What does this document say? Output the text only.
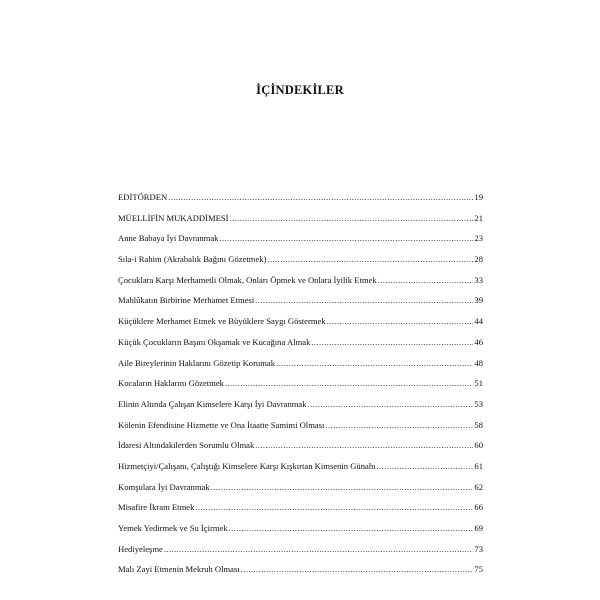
İÇİNDEKİLER
EDİTÖRDEN .....	19
MÜELLİFİN MUKADDİMESİ .....	21
Anne Babaya İyi Davranmak .....	23
Sıla-i Rahim (Akrabalık Bağını Gözetmek) .....	28
Çocuklara Karşı Merhametli Olmak, Onları Öpmek ve Onlara İyilik Etmek .....	33
Mahlûkatın Birbirine Merhamet Etmesi .....	39
Küçüklere Merhamet Etmek ve Büyüklere Saygı Göstermek .....	44
Küçük Çocukların Başını Okşamak ve Kucağına Almak .....	46
Aile Bireylerinin Haklarını Gözetip Korumak .....	48
Kocaların Haklarını Gözetmek .....	51
Elinin Altında Çalışan Kimselere Karşı İyi Davranmak .....	53
Kölenin Efendisine Hizmette ve Ona İtaatte Samimi Olması .....	58
İdaresi Altındakilerden Sorumlu Olmak .....	60
Hizmetçiyi/Çalışanı, Çalıştığı Kimselere Karşı Kışkırtan Kimsenin Günahı .....	61
Komşulara İyi Davranmak .....	62
Misafire İkram Etmek .....	66
Yemek Yedirmek ve Su İçirmek .....	69
Hediyeleşme .....	73
Malı Zayi Etmenin Mekruh Olması .....	75
